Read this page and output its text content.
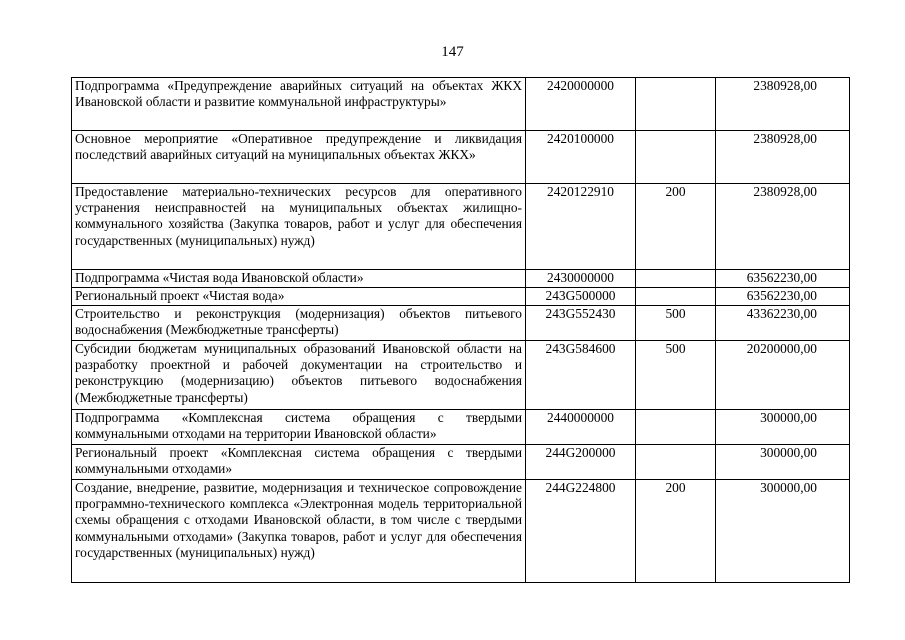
147
Подпрограмма «Предупреждение аварийных ситуаций на объектах ЖКХ Ивановской области и развитие коммунальной инфраструктуры»	2420000000		2380928,00
Основное мероприятие «Оперативное предупреждение и ликвидация последствий аварийных ситуаций на муниципальных объектах ЖКХ»	2420100000		2380928,00
Предоставление материально-технических ресурсов для оперативного устранения неисправностей на муниципальных объектах жилищно-коммунального хозяйства (Закупка товаров, работ и услуг для обеспечения государственных (муниципальных) нужд)	2420122910	200	2380928,00
Подпрограмма «Чистая вода Ивановской области»	2430000000		63562230,00
Региональный проект «Чистая вода»	243G500000		63562230,00
Строительство и реконструкция (модернизация) объектов питьевого водоснабжения (Межбюджетные трансферты)	243G552430	500	43362230,00
Субсидии бюджетам муниципальных образований Ивановской области на разработку проектной и рабочей документации на строительство и реконструкцию (модернизацию) объектов питьевого водоснабжения (Межбюджетные трансферты)	243G584600	500	20200000,00
Подпрограмма «Комплексная система обращения с твердыми коммунальными отходами на территории Ивановской области»	2440000000		300000,00
Региональный проект «Комплексная система обращения с твердыми коммунальными отходами»	244G200000		300000,00
Создание, внедрение, развитие, модернизация и техническое сопровождение программно-технического комплекса «Электронная модель территориальной схемы обращения с отходами Ивановской области, в том числе с твердыми коммунальными отходами» (Закупка товаров, работ и услуг для обеспечения государственных (муниципальных) нужд)	244G224800	200	300000,00
